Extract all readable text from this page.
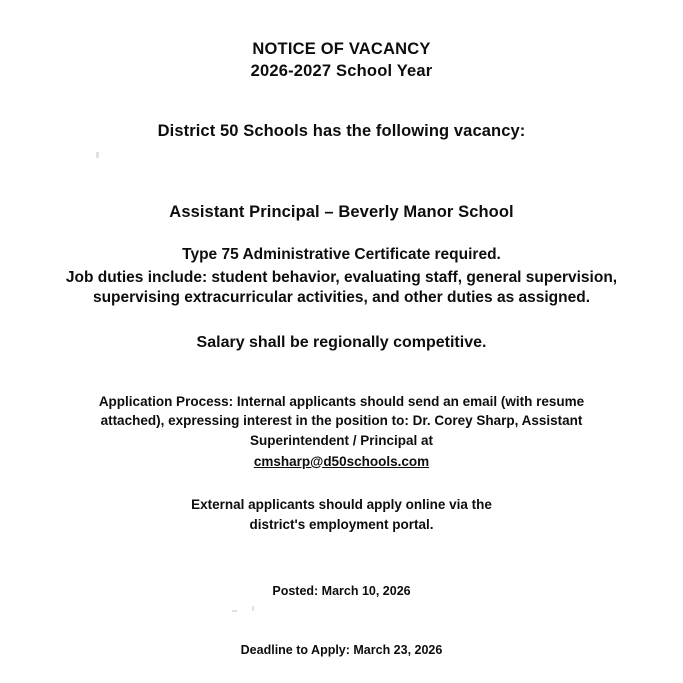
NOTICE OF VACANCY
2026-2027 School Year
District 50 Schools has the following vacancy:
Assistant Principal – Beverly Manor School
Type 75 Administrative Certificate required.
Job duties include: student behavior, evaluating staff, general supervision,
supervising extracurricular activities, and other duties as assigned.
Salary shall be regionally competitive.
Application Process: Internal applicants should send an email (with resume
attached), expressing interest in the position to: Dr. Corey Sharp, Assistant
Superintendent / Principal at
cmsharp@d50schools.com
External applicants should apply online via the
district's employment portal.
Posted: March 10, 2026
Deadline to Apply: March 23, 2026
